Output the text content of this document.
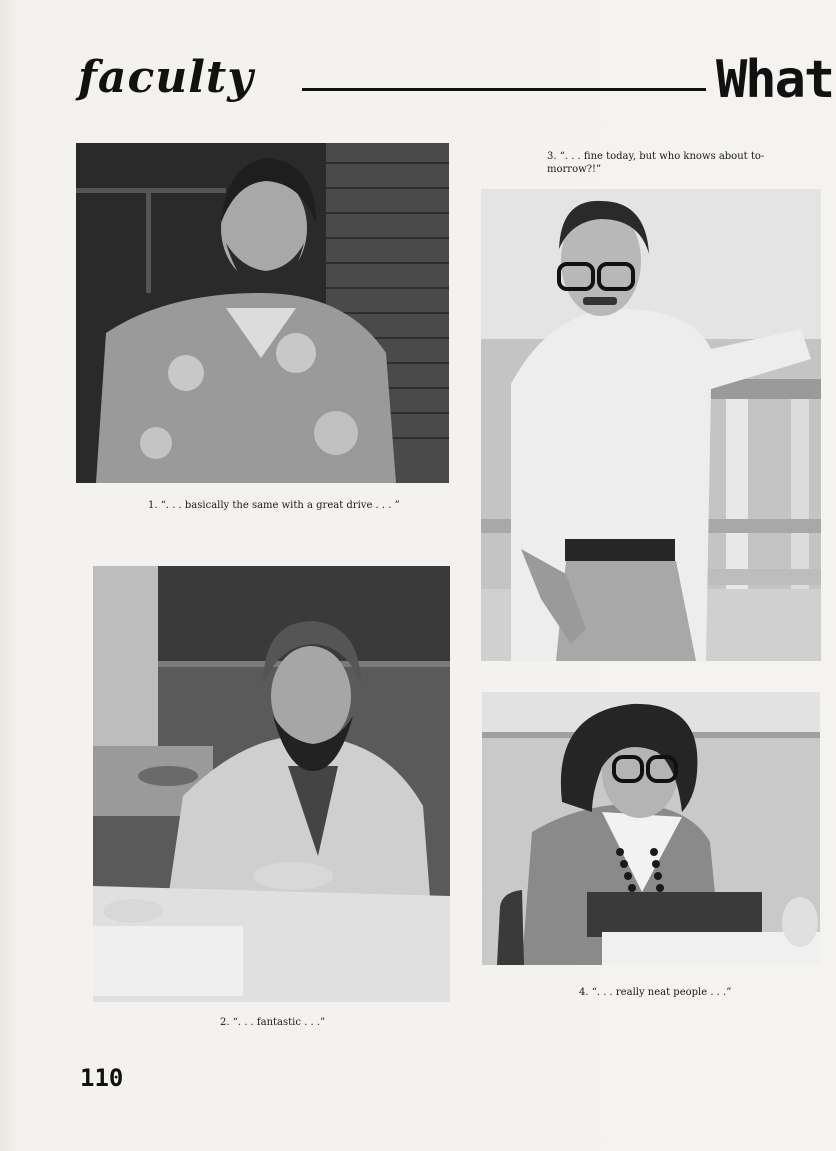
faculty	What
1. “. . . basically the same with a great drive . . . ”
2. “. . . fantastic . . .”
3. “. . . fine today, but who knows about to-
morrow?!”
4. “. . . really neat people . . .”
110
